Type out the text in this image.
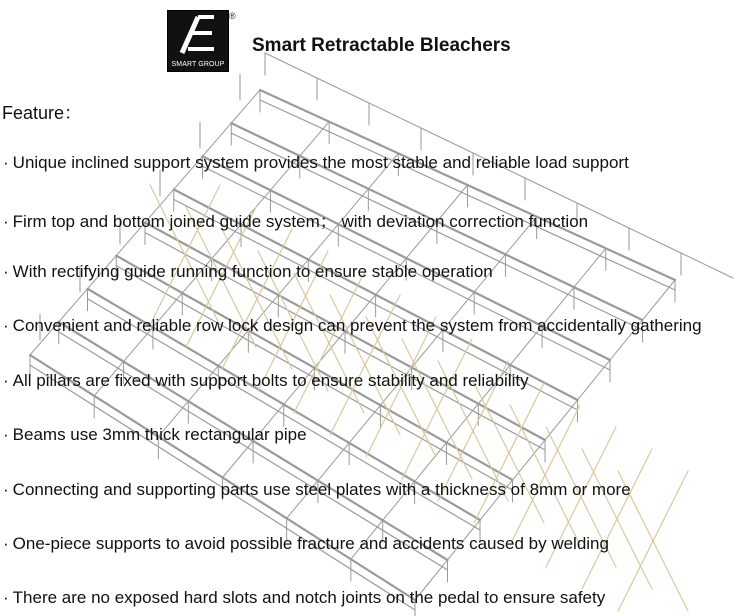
SMART GROUP
®
Smart Retractable Bleachers
Feature：
· Unique inclined support system provides the most stable and reliable load support
· Firm top and bottom joined guide system； with deviation correction function
· With rectifying guide running function to ensure stable operation
· Convenient and reliable row lock design can prevent the system from accidentally gathering
· All pillars are fixed with support bolts to ensure stability and reliability
· Beams use 3mm thick rectangular pipe
· Connecting and supporting parts use steel plates with a thickness of 8mm or more
· One-piece supports to avoid possible fracture and accidents caused by welding
· There are no exposed hard slots and notch joints on the pedal to ensure safety
